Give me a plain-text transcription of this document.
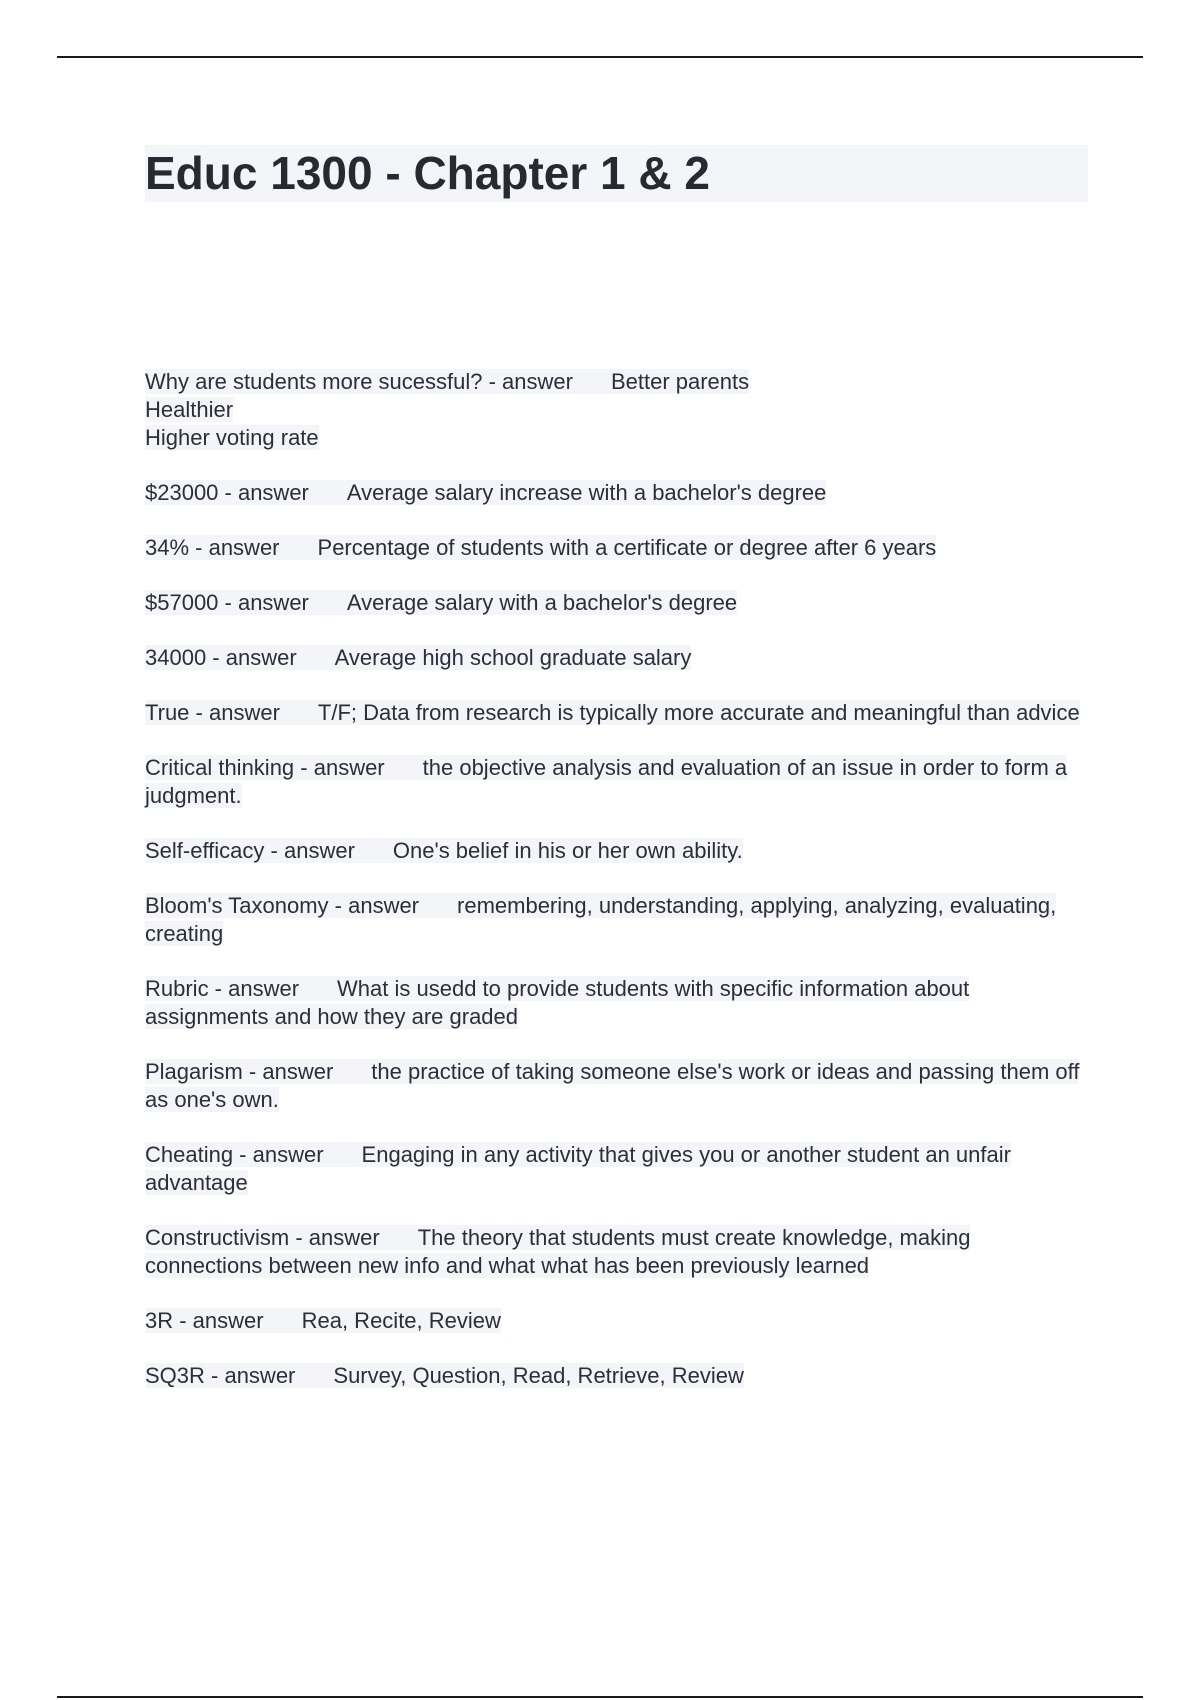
Educ 1300 - Chapter 1 & 2
Why are students more sucessful? - answer Better parents
Healthier
Higher voting rate
$23000 - answer Average salary increase with a bachelor's degree
34% - answer Percentage of students with a certificate or degree after 6 years
$57000 - answer Average salary with a bachelor's degree
34000 - answer Average high school graduate salary
True - answer T/F; Data from research is typically more accurate and meaningful than advice
Critical thinking - answer the objective analysis and evaluation of an issue in order to form a judgment.
Self-efficacy - answer One's belief in his or her own ability.
Bloom's Taxonomy - answer remembering, understanding, applying, analyzing, evaluating, creating
Rubric - answer What is usedd to provide students with specific information about assignments and how they are graded
Plagarism - answer the practice of taking someone else's work or ideas and passing them off as one's own.
Cheating - answer Engaging in any activity that gives you or another student an unfair advantage
Constructivism - answer The theory that students must create knowledge, making connections between new info and what what has been previously learned
3R - answer Rea, Recite, Review
SQ3R - answer Survey, Question, Read, Retrieve, Review
